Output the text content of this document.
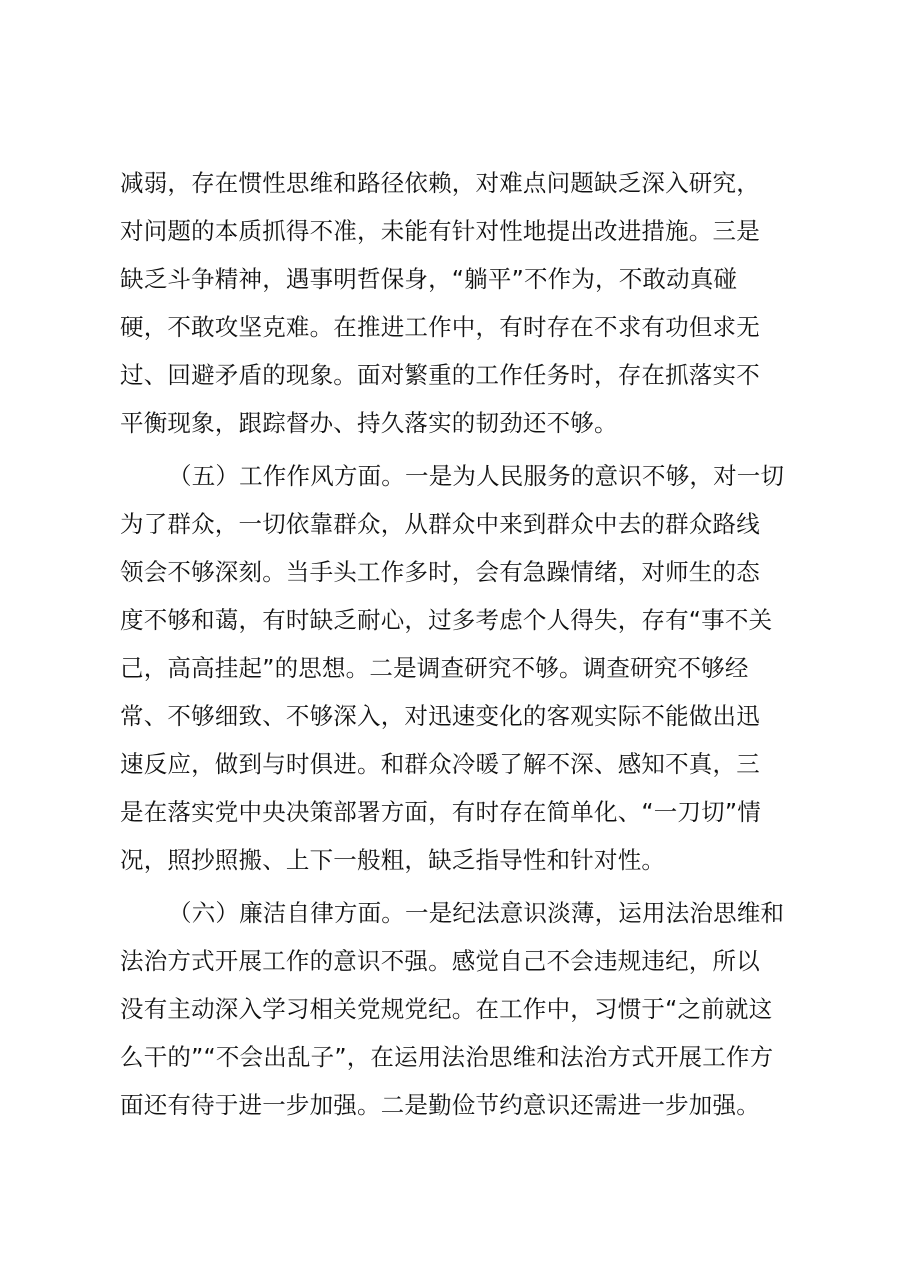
减弱，存在惯性思维和路径依赖，对难点问题缺乏深入研究，
对问题的本质抓得不准，未能有针对性地提出改进措施。三是
缺乏斗争精神，遇事明哲保身，“躺平”不作为，不敢动真碰
硬，不敢攻坚克难。在推进工作中，有时存在不求有功但求无
过、回避矛盾的现象。面对繁重的工作任务时，存在抓落实不
平衡现象，跟踪督办、持久落实的韧劲还不够。
（五）工作作风方面。一是为人民服务的意识不够，对一切
为了群众，一切依靠群众，从群众中来到群众中去的群众路线
领会不够深刻。当手头工作多时，会有急躁情绪，对师生的态
度不够和蔼，有时缺乏耐心，过多考虑个人得失，存有“事不关
己，高高挂起”的思想。二是调查研究不够。调查研究不够经
常、不够细致、不够深入，对迅速变化的客观实际不能做出迅
速反应，做到与时俱进。和群众冷暖了解不深、感知不真，三
是在落实党中央决策部署方面，有时存在简单化、“一刀切”情
况，照抄照搬、上下一般粗，缺乏指导性和针对性。
（六）廉洁自律方面。一是纪法意识淡薄，运用法治思维和
法治方式开展工作的意识不强。感觉自己不会违规违纪，所以
没有主动深入学习相关党规党纪。在工作中，习惯于“之前就这
么干的”“不会出乱子”，在运用法治思维和法治方式开展工作方
面还有待于进一步加强。二是勤俭节约意识还需进一步加强。
